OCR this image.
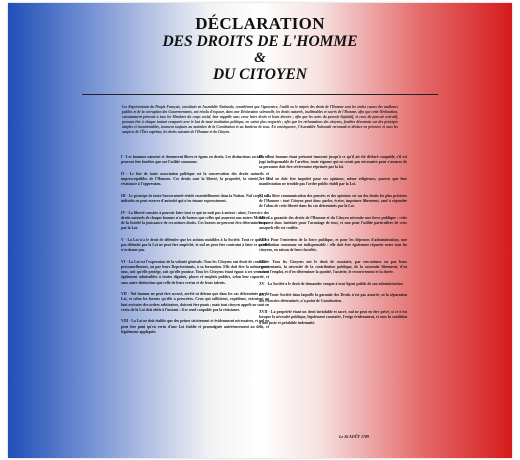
DÉCLARATION
DES DROITS DE L'HOMME
&
DU CITOYEN
Les Représentants du Peuple Français, constitués en Assemblée Nationale, considérant que l'ignorance, l'oubli ou le mépris des droits de l'Homme sont les seules causes des malheurs publics et de la corruption des Gouvernements, ont résolu d'exposer, dans une Déclaration solennelle, les droits naturels, inaliénables et sacrés de l'Homme, afin que cette Déclaration, constamment présente à tous les Membres du corps social, leur rappelle sans cesse leurs droits et leurs devoirs ; afin que les actes du pouvoir législatif, et ceux du pouvoir exécutif, pouvant être à chaque instant comparés avec le but de toute institution politique, en soient plus respectés ; afin que les réclamations des citoyens, fondées désormais sur des principes simples et incontestables, tournent toujours au maintien de la Constitution et au bonheur de tous. En conséquence, l'Assemblée Nationale reconnaît et déclare en présence et sous les auspices de l'Être suprême, les droits suivants de l'Homme et du Citoyen.
I - Les hommes naissent et demeurent libres et égaux en droits. Les distinctions sociales ne peuvent être fondées que sur l'utilité commune.
II - Le but de toute association politique est la conservation des droits naturels et imprescriptibles de l'Homme. Ces droits sont la liberté, la propriété, la sûreté, et la résistance à l'oppression.
III - Le principe de toute Souveraineté réside essentiellement dans la Nation. Nul corps, nul individu ne peut exercer d'autorité qui n'en émane expressément.
IV - La liberté consiste à pouvoir faire tout ce qui ne nuit pas à autrui : ainsi, l'exercice des droits naturels de chaque homme n'a de bornes que celles qui assurent aux autres Membres de la Société la jouissance de ces mêmes droits. Ces bornes ne peuvent être déterminées que par la Loi.
V - La Loi n'a le droit de défendre que les actions nuisibles à la Société. Tout ce qui n'est pas défendu par la Loi ne peut être empêché, et nul ne peut être contraint à faire ce qu'elle n'ordonne pas.
VI - La Loi est l'expression de la volonté générale. Tous les Citoyens ont droit de concourir personnellement, ou par leurs Représentants, à sa formation. Elle doit être la même pour tous, soit qu'elle protège, soit qu'elle punisse. Tous les Citoyens étant égaux à ses yeux sont également admissibles à toutes dignités, places et emplois publics, selon leur capacité, et sans autre distinction que celle de leurs vertus et de leurs talents.
VII - Nul homme ne peut être accusé, arrêté ni détenu que dans les cas déterminés par la Loi, et selon les formes qu'elle a prescrites. Ceux qui sollicitent, expédient, exécutent ou font exécuter des ordres arbitraires, doivent être punis ; mais tout citoyen appelé ou saisi en vertu de la Loi doit obéir à l'instant : il se rend coupable par la résistance.
VIII - La Loi ne doit établir que des peines strictement et évidemment nécessaires, et nul ne peut être puni qu'en vertu d'une Loi établie et promulguée antérieurement au délit, et légalement appliquée.
IX - Tout homme étant présumé innocent jusqu'à ce qu'il ait été déclaré coupable, s'il est jugé indispensable de l'arrêter, toute rigueur qui ne serait pas nécessaire pour s'assurer de sa personne doit être sévèrement réprimée par la loi.
X - Nul ne doit être inquiété pour ses opinions, même religieuses, pourvu que leur manifestation ne trouble pas l'ordre public établi par la Loi.
XI - La libre communication des pensées et des opinions est un des droits les plus précieux de l'Homme : tout Citoyen peut donc parler, écrire, imprimer librement, sauf à répondre de l'abus de cette liberté dans les cas déterminés par la Loi.
XII - La garantie des droits de l'Homme et du Citoyen nécessite une force publique : cette force est donc instituée pour l'avantage de tous, et non pour l'utilité particulière de ceux auxquels elle est confiée.
XIII - Pour l'entretien de la force publique, et pour les dépenses d'administration, une contribution commune est indispensable : elle doit être également répartie entre tous les citoyens, en raison de leurs facultés.
XIV - Tous les Citoyens ont le droit de constater, par eux-mêmes ou par leurs représentants, la nécessité de la contribution publique, de la consentir librement, d'en suivre l'emploi, et d'en déterminer la quotité, l'assiette, le recouvrement et la durée.
XV - La Société a le droit de demander compte à tout Agent public de son administration.
XVI - Toute Société dans laquelle la garantie des Droits n'est pas assurée, ni la séparation des Pouvoirs déterminée, n'a point de Constitution.
XVII - La propriété étant un droit inviolable et sacré, nul ne peut en être privé, si ce n'est lorsque la nécessité publique, légalement constatée, l'exige évidemment, et sous la condition d'une juste et préalable indemnité.
Le 26 AOÛT 1789
